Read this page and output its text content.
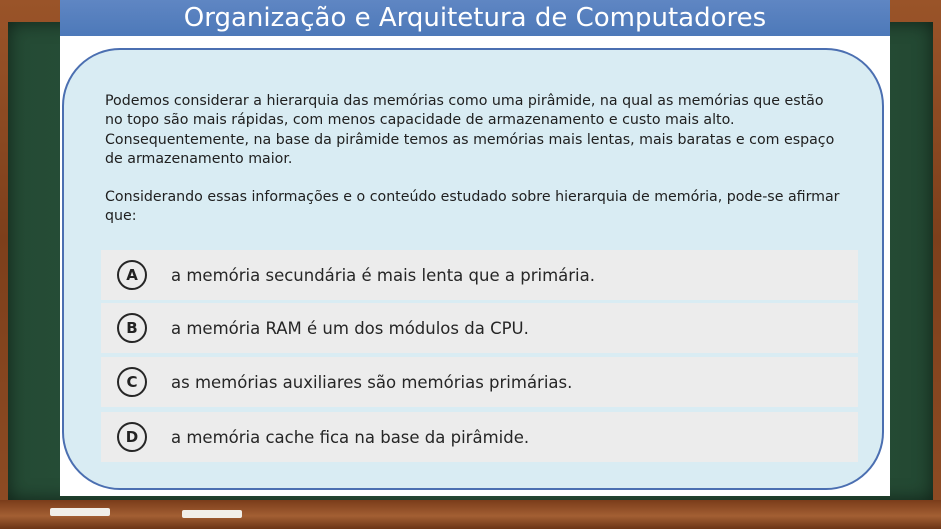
Organização e Arquitetura de Computadores
Podemos considerar a hierarquia das memórias como uma pirâmide, na qual as memórias que estão no topo são mais rápidas, com menos capacidade de armazenamento e custo mais alto. Consequentemente, na base da pirâmide temos as memórias mais lentas, mais baratas e com espaço de armazenamento maior.
Considerando essas informações e o conteúdo estudado sobre hierarquia de memória, pode-se afirmar que:
A	a memória secundária é mais lenta que a primária.
B	a memória RAM é um dos módulos da CPU.
C	as memórias auxiliares são memórias primárias.
D	a memória cache fica na base da pirâmide.
